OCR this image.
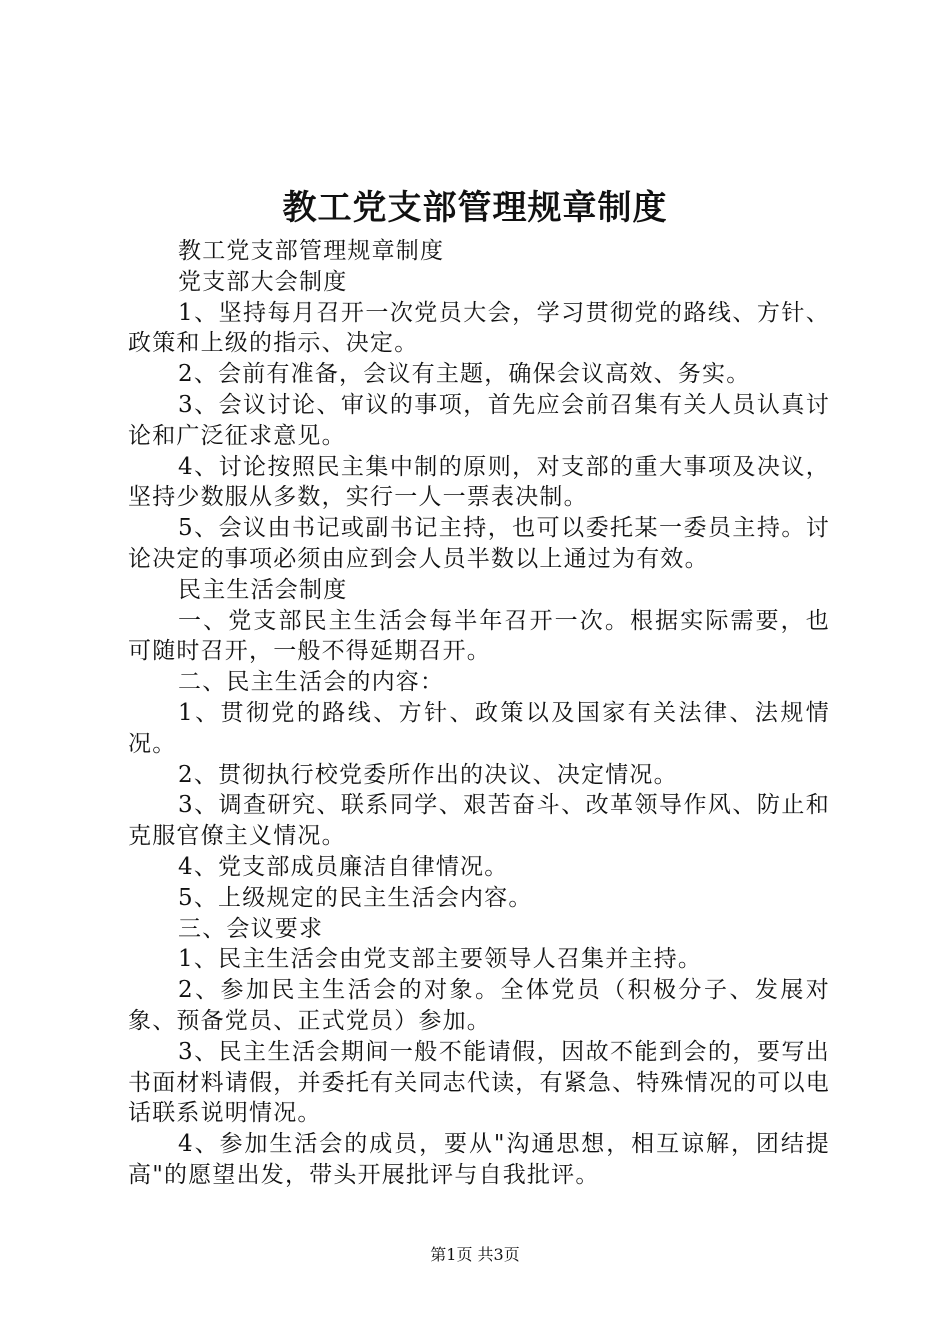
教工党支部管理规章制度

教工党支部管理规章制度

党支部大会制度

1、坚持每月召开一次党员大会，学习贯彻党的路线、方针、政策和上级的指示、决定。

2、会前有准备，会议有主题，确保会议高效、务实。

3、会议讨论、审议的事项，首先应会前召集有关人员认真讨论和广泛征求意见。

4、讨论按照民主集中制的原则，对支部的重大事项及决议，坚持少数服从多数，实行一人一票表决制。

5、会议由书记或副书记主持，也可以委托某一委员主持。讨论决定的事项必须由应到会人员半数以上通过为有效。

民主生活会制度

一、党支部民主生活会每半年召开一次。根据实际需要，也可随时召开，一般不得延期召开。

二、民主生活会的内容：

1、贯彻党的路线、方针、政策以及国家有关法律、法规情况。

2、贯彻执行校党委所作出的决议、决定情况。

3、调查研究、联系同学、艰苦奋斗、改革领导作风、防止和克服官僚主义情况。

4、党支部成员廉洁自律情况。

5、上级规定的民主生活会内容。

三、会议要求

1、民主生活会由党支部主要领导人召集并主持。

2、参加民主生活会的对象。全体党员（积极分子、发展对象、预备党员、正式党员）参加。

3、民主生活会期间一般不能请假，因故不能到会的，要写出书面材料请假，并委托有关同志代读，有紧急、特殊情况的可以电话联系说明情况。

4、参加生活会的成员，要从"沟通思想，相互谅解，团结提高"的愿望出发，带头开展批评与自我批评。

第1页 共3页
